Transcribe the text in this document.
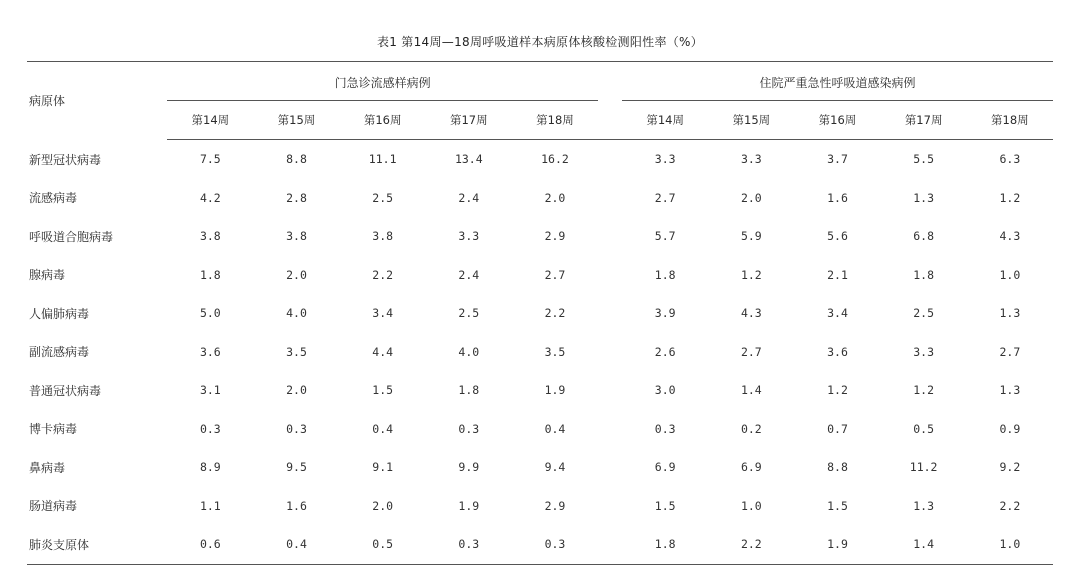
表1 第14周—18周呼吸道样本病原体核酸检测阳性率（%）
病原体	门急诊流感样病例						住院严重急性呼吸道感染病例				

	第14周	第15周	第16周	第17周	第18周		第14周	第15周	第16周	第17周	第18周
新型冠状病毒	7.5	8.8	11.1	13.4	16.2		3.3	3.3	3.7	5.5	6.3
流感病毒	4.2	2.8	2.5	2.4	2.0		2.7	2.0	1.6	1.3	1.2
呼吸道合胞病毒	3.8	3.8	3.8	3.3	2.9		5.7	5.9	5.6	6.8	4.3
腺病毒	1.8	2.0	2.2	2.4	2.7		1.8	1.2	2.1	1.8	1.0
人偏肺病毒	5.0	4.0	3.4	2.5	2.2		3.9	4.3	3.4	2.5	1.3
副流感病毒	3.6	3.5	4.4	4.0	3.5		2.6	2.7	3.6	3.3	2.7
普通冠状病毒	3.1	2.0	1.5	1.8	1.9		3.0	1.4	1.2	1.2	1.3
博卡病毒	0.3	0.3	0.4	0.3	0.4		0.3	0.2	0.7	0.5	0.9
鼻病毒	8.9	9.5	9.1	9.9	9.4		6.9	6.9	8.8	11.2	9.2
肠道病毒	1.1	1.6	2.0	1.9	2.9		1.5	1.0	1.5	1.3	2.2
肺炎支原体	0.6	0.4	0.5	0.3	0.3		1.8	2.2	1.9	1.4	1.0
